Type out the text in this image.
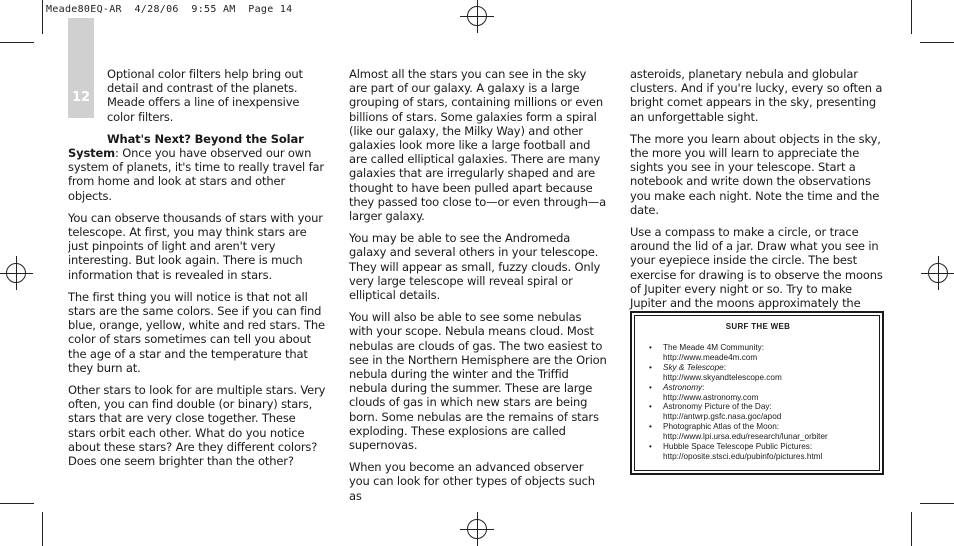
Meade80EQ-AR  4/28/06  9:55 AM  Page 14
12

Optional color filters help bring out detail and contrast of the planets. Meade offers a line of inexpensive color filters.

What's Next? Beyond the Solar System: Once you have observed our own system of planets, it's time to really travel far from home and look at stars and other objects.

You can observe thousands of stars with your telescope. At first, you may think stars are just pinpoints of light and aren't very interesting. But look again. There is much information that is revealed in stars.

The first thing you will notice is that not all stars are the same colors. See if you can find blue, orange, yellow, white and red stars. The color of stars sometimes can tell you about the age of a star and the temperature that they burn at.

Other stars to look for are multiple stars. Very often, you can find double (or binary) stars, stars that are very close together. These stars orbit each other. What do you notice about these stars? Are they different colors? Does one seem brighter than the other?

Almost all the stars you can see in the sky are part of our galaxy. A galaxy is a large grouping of stars, containing millions or even billions of stars. Some galaxies form a spiral (like our galaxy, the Milky Way) and other galaxies look more like a large football and are called elliptical galaxies. There are many galaxies that are irregularly shaped and are thought to have been pulled apart because they passed too close to—or even through—a larger galaxy.

You may be able to see the Andromeda galaxy and several others in your telescope. They will appear as small, fuzzy clouds. Only very large telescope will reveal spiral or elliptical details.

You will also be able to see some nebulas with your scope. Nebula means cloud. Most nebulas are clouds of gas. The two easiest to see in the Northern Hemisphere are the Orion nebula during the winter and the Triffid nebula during the summer. These are large clouds of gas in which new stars are being born. Some nebulas are the remains of stars exploding. These explosions are called supernovas.

When you become an advanced observer you can look for other types of objects such as

asteroids, planetary nebula and globular clusters. And if you're lucky, every so often a bright comet appears in the sky, presenting an unforgettable sight.

The more you learn about objects in the sky, the more you will learn to appreciate the sights you see in your telescope. Start a notebook and write down the observations you make each night. Note the time and the date.

Use a compass to make a circle, or trace around the lid of a jar. Draw what you see in your eyepiece inside the circle. The best exercise for drawing is to observe the moons of Jupiter every night or so. Try to make Jupiter and the moons approximately the

SURF THE WEB
• The Meade 4M Community:
http://www.meade4m.com
• Sky & Telescope:
http://www.skyandtelescope.com
• Astronomy:
http://www.astronomy.com
• Astronomy Picture of the Day:
http://antwrp.gsfc.nasa.goc/apod
• Photographic Atlas of the Moon:
http://www.lpi.ursa.edu/research/lunar_orbiter
• Hubble Space Telescope Public Pictures:
http://oposite.stsci.edu/pubinfo/pictures.html
